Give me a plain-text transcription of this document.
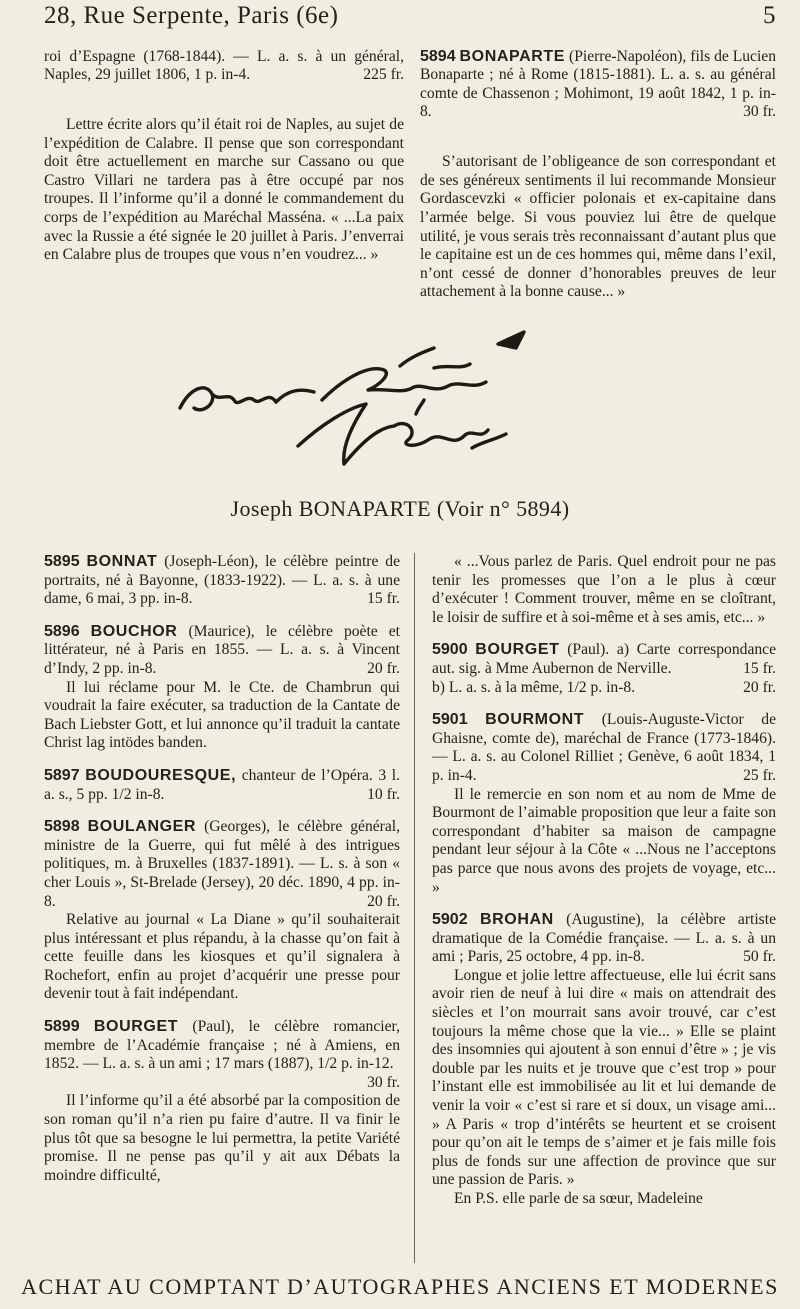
28, Rue Serpente, Paris (6e)	5

roi d’Espagne (1768-1844). — L. a. s. à un général, Naples, 29 juillet 1806, 1 p. in-4.	225 fr.

Lettre écrite alors qu’il était roi de Naples, au sujet de l’expédition de Calabre. Il pense que son correspondant doit être actuellement en marche sur Cassano ou que Castro Villari ne tardera pas à être occupé par nos troupes. Il l’informe qu’il a donné le commandement du corps de l’expédition au Maréchal Masséna. « ...La paix avec la Russie a été signée le 20 juillet à Paris. J’enverrai en Calabre plus de troupes que vous n’en voudrez... »

5894 BONAPARTE (Pierre-Napoléon), fils de Lucien Bonaparte ; né à Rome (1815-1881). L. a. s. au général comte de Chassenon ; Mohimont, 19 août 1842, 1 p. in-8.	30 fr.

S’autorisant de l’obligeance de son correspondant et de ses généreux sentiments il lui recommande Monsieur Gordascevzki « officier polonais et ex-capitaine dans l’armée belge. Si vous pouviez lui être de quelque utilité, je vous serais très reconnaissant d’autant plus que le capitaine est un de ces hommes qui, même dans l’exil, n’ont cessé de donner d’honorables preuves de leur attachement à la bonne cause... »

Joseph BONAPARTE (Voir n° 5894)

5895 BONNAT (Joseph-Léon), le célèbre peintre de portraits, né à Bayonne, (1833-1922). — L. a. s. à une dame, 6 mai, 3 pp. in-8.	15 fr.

5896 BOUCHOR (Maurice), le célèbre poète et littérateur, né à Paris en 1855. — L. a. s. à Vincent d’Indy, 2 pp. in-8.	20 fr.

Il lui réclame pour M. le Cte. de Chambrun qui voudrait la faire exécuter, sa traduction de la Cantate de Bach Liebster Gott, et lui annonce qu’il traduit la cantate Christ lag intödes banden.

5897 BOUDOURESQUE, chanteur de l’Opéra. 3 l. a. s., 5 pp. 1/2 in-8.	10 fr.

5898 BOULANGER (Georges), le célèbre général, ministre de la Guerre, qui fut mêlé à des intrigues politiques, m. à Bruxelles (1837-1891). — L. s. à son « cher Louis », St-Brelade (Jersey), 20 déc. 1890, 4 pp. in-8.	20 fr.

Relative au journal « La Diane » qu’il souhaiterait plus intéressant et plus répandu, à la chasse qu’on fait à cette feuille dans les kiosques et qu’il signalera à Rochefort, enfin au projet d’acquérir une presse pour devenir tout à fait indépendant.

5899 BOURGET (Paul), le célèbre romancier, membre de l’Académie française ; né à Amiens, en 1852. — L. a. s. à un ami ; 17 mars (1887), 1/2 p. in-12.
30 fr.

Il l’informe qu’il a été absorbé par la composition de son roman qu’il n’a rien pu faire d’autre. Il va finir le plus tôt que sa besogne le lui permettra, la petite Variété promise. Il ne pense pas qu’il y ait aux Débats la moindre difficulté,

« ...Vous parlez de Paris. Quel endroit pour ne pas tenir les promesses que l’on a le plus à cœur d’exécuter ! Comment trouver, même en se cloîtrant, le loisir de suffire et à soi-même et à ses amis, etc... »

5900 BOURGET (Paul). a) Carte correspondance aut. sig. à Mme Aubernon de Nerville.	15 fr.

b) L. a. s. à la même, 1/2 p. in-8.	20 fr.

5901 BOURMONT (Louis-Auguste-Victor de Ghaisne, comte de), maréchal de France (1773-1846). — L. a. s. au Colonel Rilliet ; Genève, 6 août 1834, 1 p. in-4.	25 fr.

Il le remercie en son nom et au nom de Mme de Bourmont de l’aimable proposition que leur a faite son correspondant d’habiter sa maison de campagne pendant leur séjour à la Côte « ...Nous ne l’acceptons pas parce que nous avons des projets de voyage, etc... »

5902 BROHAN (Augustine), la célèbre artiste dramatique de la Comédie française. — L. a. s. à un ami ; Paris, 25 octobre, 4 pp. in-8.	50 fr.

Longue et jolie lettre affectueuse, elle lui écrit sans avoir rien de neuf à lui dire « mais on attendrait des siècles et l’on mourrait sans avoir trouvé, car c’est toujours la même chose que la vie... » Elle se plaint des insomnies qui ajoutent à son ennui d’être » ; je vis double par les nuits et je trouve que c’est trop » pour l’instant elle est immobilisée au lit et lui demande de venir la voir « c’est si rare et si doux, un visage ami... » A Paris « trop d’intérêts se heurtent et se croisent pour qu’on ait le temps de s’aimer et je fais mille fois plus de fonds sur une affection de province que sur une passion de Paris. »

En P.S. elle parle de sa sœur, Madeleine

ACHAT AU COMPTANT D’AUTOGRAPHES ANCIENS ET MODERNES
